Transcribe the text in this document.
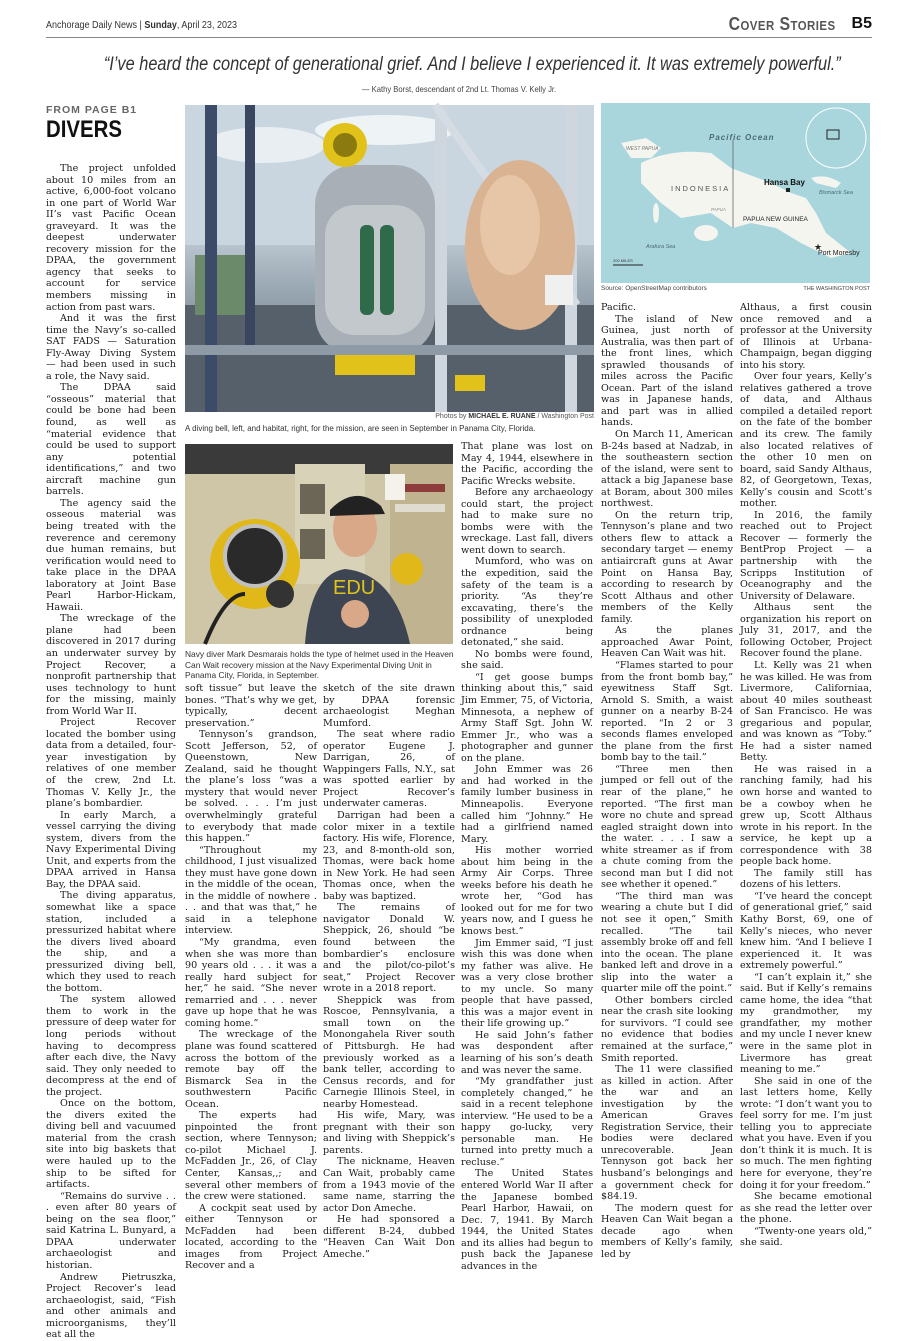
Anchorage Daily News | Sunday, April 23, 2023	Cover Stories B5
“I’ve heard the concept of generational grief. And I believe I experienced it. It was extremely powerful.”
— Kathy Borst, descendant of 2nd Lt. Thomas V. Kelly Jr.
FROM PAGE B1
DIVERS
Photos by MICHAEL E. RUANE / Washington Post
A diving bell, left, and habitat, right, for the mission, are seen in September in Panama City, Florida.
EDU
Navy diver Mark Desmarais holds the type of helmet used in the Heaven Can Wait recovery mission at the Navy Experimental Diving Unit in Panama City, Florida, in September.
★
Pacific Ocean
WEST PAPUA
INDONESIA
PAPUA
Hansa Bay
Bismarck Sea
PAPUA NEW GUINEA
Arafura Sea
Port Moresby
200 MILES
Source: OpenStreetMap contributors	THE WASHINGTON POST

The project unfolded about 10 miles from an active, 6,000-foot volcano in one part of World War II’s vast Pacific Ocean graveyard. It was the deepest underwater recovery mission for the DPAA, the government agency that seeks to account for service members missing in action from past wars.

And it was the first time the Navy’s so-called SAT FADS — Saturation Fly-Away Diving System — had been used in such a role, the Navy said.

The DPAA said “osseous” material that could be bone had been found, as well as “material evidence that could be used to support any potential identifications,” and two aircraft machine gun barrels.

The agency said the osseous material was being treated with the reverence and ceremony due human remains, but verification would need to take place in the DPAA laboratory at Joint Base Pearl Harbor-Hickam, Hawaii.

The wreckage of the plane had been discovered in 2017 during an underwater survey by Project Recover, a nonprofit partnership that uses technology to hunt for the missing, mainly from World War II.

Project Recover located the bomber using data from a detailed, four-year investigation by relatives of one member of the crew, 2nd Lt. Thomas V. Kelly Jr., the plane’s bombardier.

In early March, a vessel carrying the diving system, divers from the Navy Experimental Diving Unit, and experts from the DPAA arrived in Hansa Bay, the DPAA said.

The diving apparatus, somewhat like a space station, included a pressurized habitat where the divers lived aboard the ship, and a pressurized diving bell, which they used to reach the bottom.

The system allowed them to work in the pressure of deep water for long periods without having to decompress after each dive, the Navy said. They only needed to decompress at the end of the project.

Once on the bottom, the divers exited the diving bell and vacuumed material from the crash site into big baskets that were hauled up to the ship to be sifted for artifacts.

“Remains do survive . . . even after 80 years of being on the sea floor,” said Katrina L. Bunyard, a DPAA underwater archaeologist and historian.

Andrew Pietruszka, Project Recover’s lead archaeologist, said, “Fish and other animals and microorganisms, they’ll eat all the

soft tissue” but leave the bones. “That’s why we get, typically, decent preservation.”

Tennyson’s grandson, Scott Jefferson, 52, of Queenstown, New Zealand, said he thought the plane’s loss “was a mystery that would never be solved. . . . I’m just overwhelmingly grateful to everybody that made this happen.”

“Throughout my childhood, I just visualized they must have gone down in the middle of the ocean, in the middle of nowhere . . . and that was that,” he said in a telephone interview.

“My grandma, even when she was more than 90 years old . . . it was a really hard subject for her,” he said. “She never remarried and . . . never gave up hope that he was coming home.”

The wreckage of the plane was found scattered across the bottom of the remote bay off the Bismarck Sea in the southwestern Pacific Ocean.

The experts had pinpointed the front section, where Tennyson; co-pilot Michael J. McFadden Jr., 26, of Clay Center, Kansas,,; and several other members of the crew were stationed.

A cockpit seat used by either Tennyson or McFadden had been located, according to the images from Project Recover and a

sketch of the site drawn by DPAA forensic archaeologist Meghan Mumford.

The seat where radio operator Eugene J. Darrigan, 26, of Wappingers Falls, N.Y., sat was spotted earlier by Project Recover’s underwater cameras.

Darrigan had been a color mixer in a textile factory. His wife, Florence, 23, and 8-month-old son, Thomas, were back home in New York. He had seen Thomas once, when the baby was baptized.

The remains of navigator Donald W. Sheppick, 26, should “be found between the bombardier’s enclosure and the pilot/co-pilot’s seat,” Project Recover wrote in a 2018 report.

Sheppick was from Roscoe, Pennsylvania, a small town on the Monongahela River south of Pittsburgh. He had previously worked as a bank teller, according to Census records, and for Carnegie Illinois Steel, in nearby Homestead.

His wife, Mary, was pregnant with their son and living with Sheppick’s parents.

The nickname, Heaven Can Wait, probably came from a 1943 movie of the same name, starring the actor Don Ameche.

He had sponsored a different B-24, dubbed “Heaven Can Wait Don Ameche.”

That plane was lost on May 4, 1944, elsewhere in the Pacific, according the Pacific Wrecks website.

Before any archaeology could start, the project had to make sure no bombs were with the wreckage. Last fall, divers went down to search.

Mumford, who was on the expedition, said the safety of the team is a priority. “As they’re excavating, there’s the possibility of unexploded ordnance being detonated,” she said.

No bombs were found, she said.

“I get goose bumps thinking about this,” said Jim Emmer, 75, of Victoria, Minnesota, a nephew of Army Staff Sgt. John W. Emmer Jr., who was a photographer and gunner on the plane.

John Emmer was 26 and had worked in the family lumber business in Minneapolis. Everyone called him “Johnny.” He had a girlfriend named Mary.

His mother worried about him being in the Army Air Corps. Three weeks before his death he wrote her, “God has looked out for me for two years now, and I guess he knows best.”

Jim Emmer said, “I just wish this was done when my father was alive. He was a very close brother to my uncle. So many people that have passed, this was a major event in their life growing up.”

He said John’s father was despondent after learning of his son’s death and was never the same.

“My grandfather just completely changed,” he said in a recent telephone interview. “He used to be a happy go-lucky, very personable man. He turned into pretty much a recluse.”

The United States entered World War II after the Japanese bombed Pearl Harbor, Hawaii, on Dec. 7, 1941. By March 1944, the United States and its allies had begun to push back the Japanese advances in the

Pacific.

The island of New Guinea, just north of Australia, was then part of the front lines, which sprawled thousands of miles across the Pacific Ocean. Part of the island was in Japanese hands, and part was in allied hands.

On March 11, American B-24s based at Nadzab, in the southeastern section of the island, were sent to attack a big Japanese base at Boram, about 300 miles northwest.

On the return trip, Tennyson’s plane and two others flew to attack a secondary target — enemy antiaircraft guns at Awar Point on Hansa Bay, according to research by Scott Althaus and other members of the Kelly family.

As the planes approached Awar Point, Heaven Can Wait was hit.

“Flames started to pour from the front bomb bay,” eyewitness Staff Sgt. Arnold S. Smith, a waist gunner on a nearby B-24 reported. “In 2 or 3 seconds flames enveloped the plane from the first bomb bay to the tail.”

“Three men then jumped or fell out of the rear of the plane,” he reported. “The first man wore no chute and spread eagled straight down into the water. . . . I saw a white streamer as if from a chute coming from the second man but I did not see whether it opened.”

“The third man was wearing a chute but I did not see it open,” Smith recalled. “The tail assembly broke off and fell into the ocean. The plane banked left and drove in a slip into the water a quarter mile off the point.”

Other bombers circled near the crash site looking for survivors. “I could see no evidence that bodies remained at the surface,” Smith reported.

The 11 were classified as killed in action. After the war and an investigation by the American Graves Registration Service, their bodies were declared unrecoverable. Jean Tennyson got back her husband’s belongings and a government check for $84.19.

The modern quest for Heaven Can Wait began a decade ago when members of Kelly’s family, led by

Althaus, a first cousin once removed and a professor at the University of Illinois at Urbana-Champaign, began digging into his story.

Over four years, Kelly’s relatives gathered a trove of data, and Althaus compiled a detailed report on the fate of the bomber and its crew. The family also located relatives of the other 10 men on board, said Sandy Althaus, 82, of Georgetown, Texas, Kelly’s cousin and Scott’s mother.

In 2016, the family reached out to Project Recover — formerly the BentProp Project — a partnership with the Scripps Institution of Oceanography and the University of Delaware.

Althaus sent the organization his report on July 31, 2017, and the following October, Project Recover found the plane.

Lt. Kelly was 21 when he was killed. He was from Livermore, Californiaa, about 40 miles southeast of San Francisco. He was gregarious and popular, and was known as “Toby.” He had a sister named Betty.

He was raised in a ranching family, had his own horse and wanted to be a cowboy when he grew up, Scott Althaus wrote in his report. In the service, he kept up a correspondence with 38 people back home.

The family still has dozens of his letters.

“I’ve heard the concept of generational grief,” said Kathy Borst, 69, one of Kelly’s nieces, who never knew him. “And I believe I experienced it. It was extremely powerful.”

“I can’t explain it,” she said. But if Kelly’s remains came home, the idea “that my grandmother, my grandfather, my mother and my uncle I never knew were in the same plot in Livermore has great meaning to me.”

She said in one of the last letters home, Kelly wrote: “I don’t want you to feel sorry for me. I’m just telling you to appreciate what you have. Even if you don’t think it is much. It is so much. The men fighting here for everyone, they’re doing it for your freedom.”

She became emotional as she read the letter over the phone.

“Twenty-one years old,” she said.
